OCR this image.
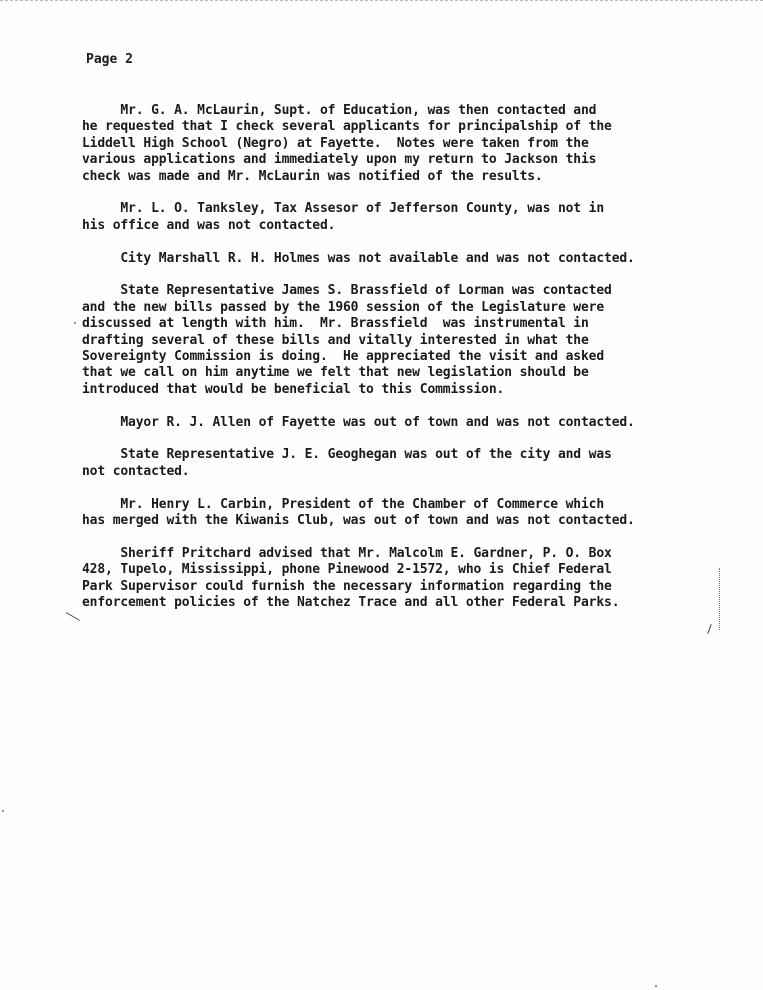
Page 2

Mr. G. A. McLaurin, Supt. of Education, was then contacted and
he requested that I check several applicants for principalship of the
Liddell High School (Negro) at Fayette.  Notes were taken from the
various applications and immediately upon my return to Jackson this
check was made and Mr. McLaurin was notified of the results.

Mr. L. O. Tanksley, Tax Assesor of Jefferson County, was not in
his office and was not contacted.

City Marshall R. H. Holmes was not available and was not contacted.

State Representative James S. Brassfield of Lorman was contacted
and the new bills passed by the 1960 session of the Legislature were
discussed at length with him.  Mr. Brassfield  was instrumental in
drafting several of these bills and vitally interested in what the
Sovereignty Commission is doing.  He appreciated the visit and asked
that we call on him anytime we felt that new legislation should be
introduced that would be beneficial to this Commission.

Mayor R. J. Allen of Fayette was out of town and was not contacted.

State Representative J. E. Geoghegan was out of the city and was
not contacted.

Mr. Henry L. Carbin, President of the Chamber of Commerce which
has merged with the Kiwanis Club, was out of town and was not contacted.

Sheriff Pritchard advised that Mr. Malcolm E. Gardner, P. O. Box
428, Tupelo, Mississippi, phone Pinewood 2-1572, who is Chief Federal
Park Supervisor could furnish the necessary information regarding the
enforcement policies of the Natchez Trace and all other Federal Parks.
